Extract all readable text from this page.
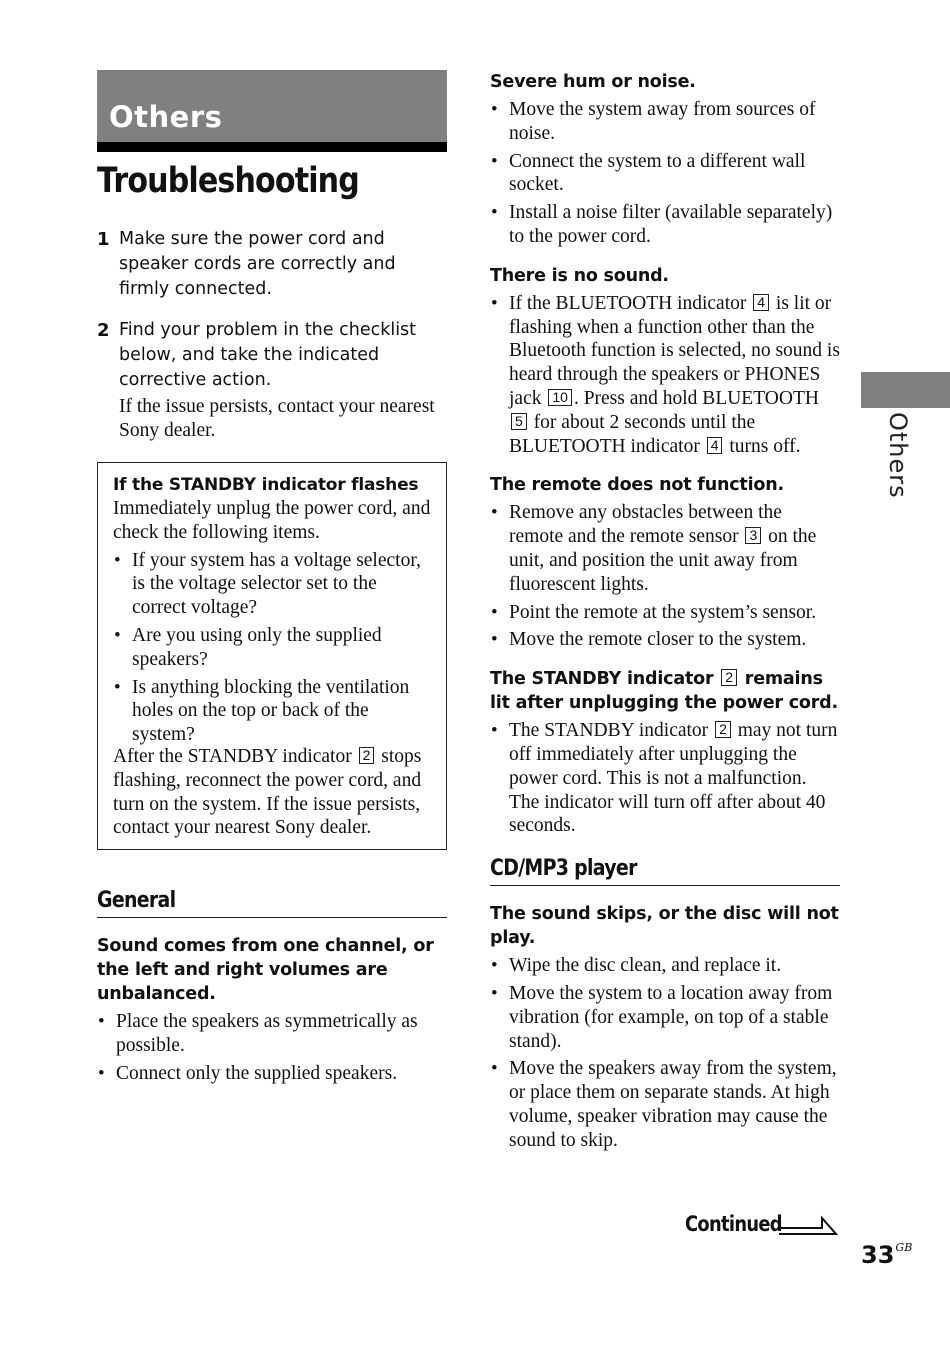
Others
Troubleshooting
1 Make sure the power cord and speaker cords are correctly and firmly connected.
2 Find your problem in the checklist below, and take the indicated corrective action.
If the issue persists, contact your nearest Sony dealer.
If the STANDBY indicator flashes
Immediately unplug the power cord, and check the following items.
• If your system has a voltage selector, is the voltage selector set to the correct voltage?
• Are you using only the supplied speakers?
• Is anything blocking the ventilation holes on the top or back of the system?
After the STANDBY indicator 2 stops flashing, reconnect the power cord, and turn on the system. If the issue persists, contact your nearest Sony dealer.
General
Sound comes from one channel, or the left and right volumes are unbalanced.
• Place the speakers as symmetrically as possible.
• Connect only the supplied speakers.
Severe hum or noise.
• Move the system away from sources of noise.
• Connect the system to a different wall socket.
• Install a noise filter (available separately) to the power cord.
There is no sound.
• If the BLUETOOTH indicator 4 is lit or flashing when a function other than the Bluetooth function is selected, no sound is heard through the speakers or PHONES jack 10 . Press and hold BLUETOOTH 5 for about 2 seconds until the BLUETOOTH indicator 4 turns off.
The remote does not function.
• Remove any obstacles between the remote and the remote sensor 3 on the unit, and position the unit away from fluorescent lights.
• Point the remote at the system’s sensor.
• Move the remote closer to the system.
The STANDBY indicator 2 remains lit after unplugging the power cord.
• The STANDBY indicator 2 may not turn off immediately after unplugging the power cord. This is not a malfunction. The indicator will turn off after about 40 seconds.
CD/MP3 player
The sound skips, or the disc will not play.
• Wipe the disc clean, and replace it.
• Move the system to a location away from vibration (for example, on top of a stable stand).
• Move the speakers away from the system, or place them on separate stands. At high volume, speaker vibration may cause the sound to skip.
Others
Continued
$33^{GB}$
